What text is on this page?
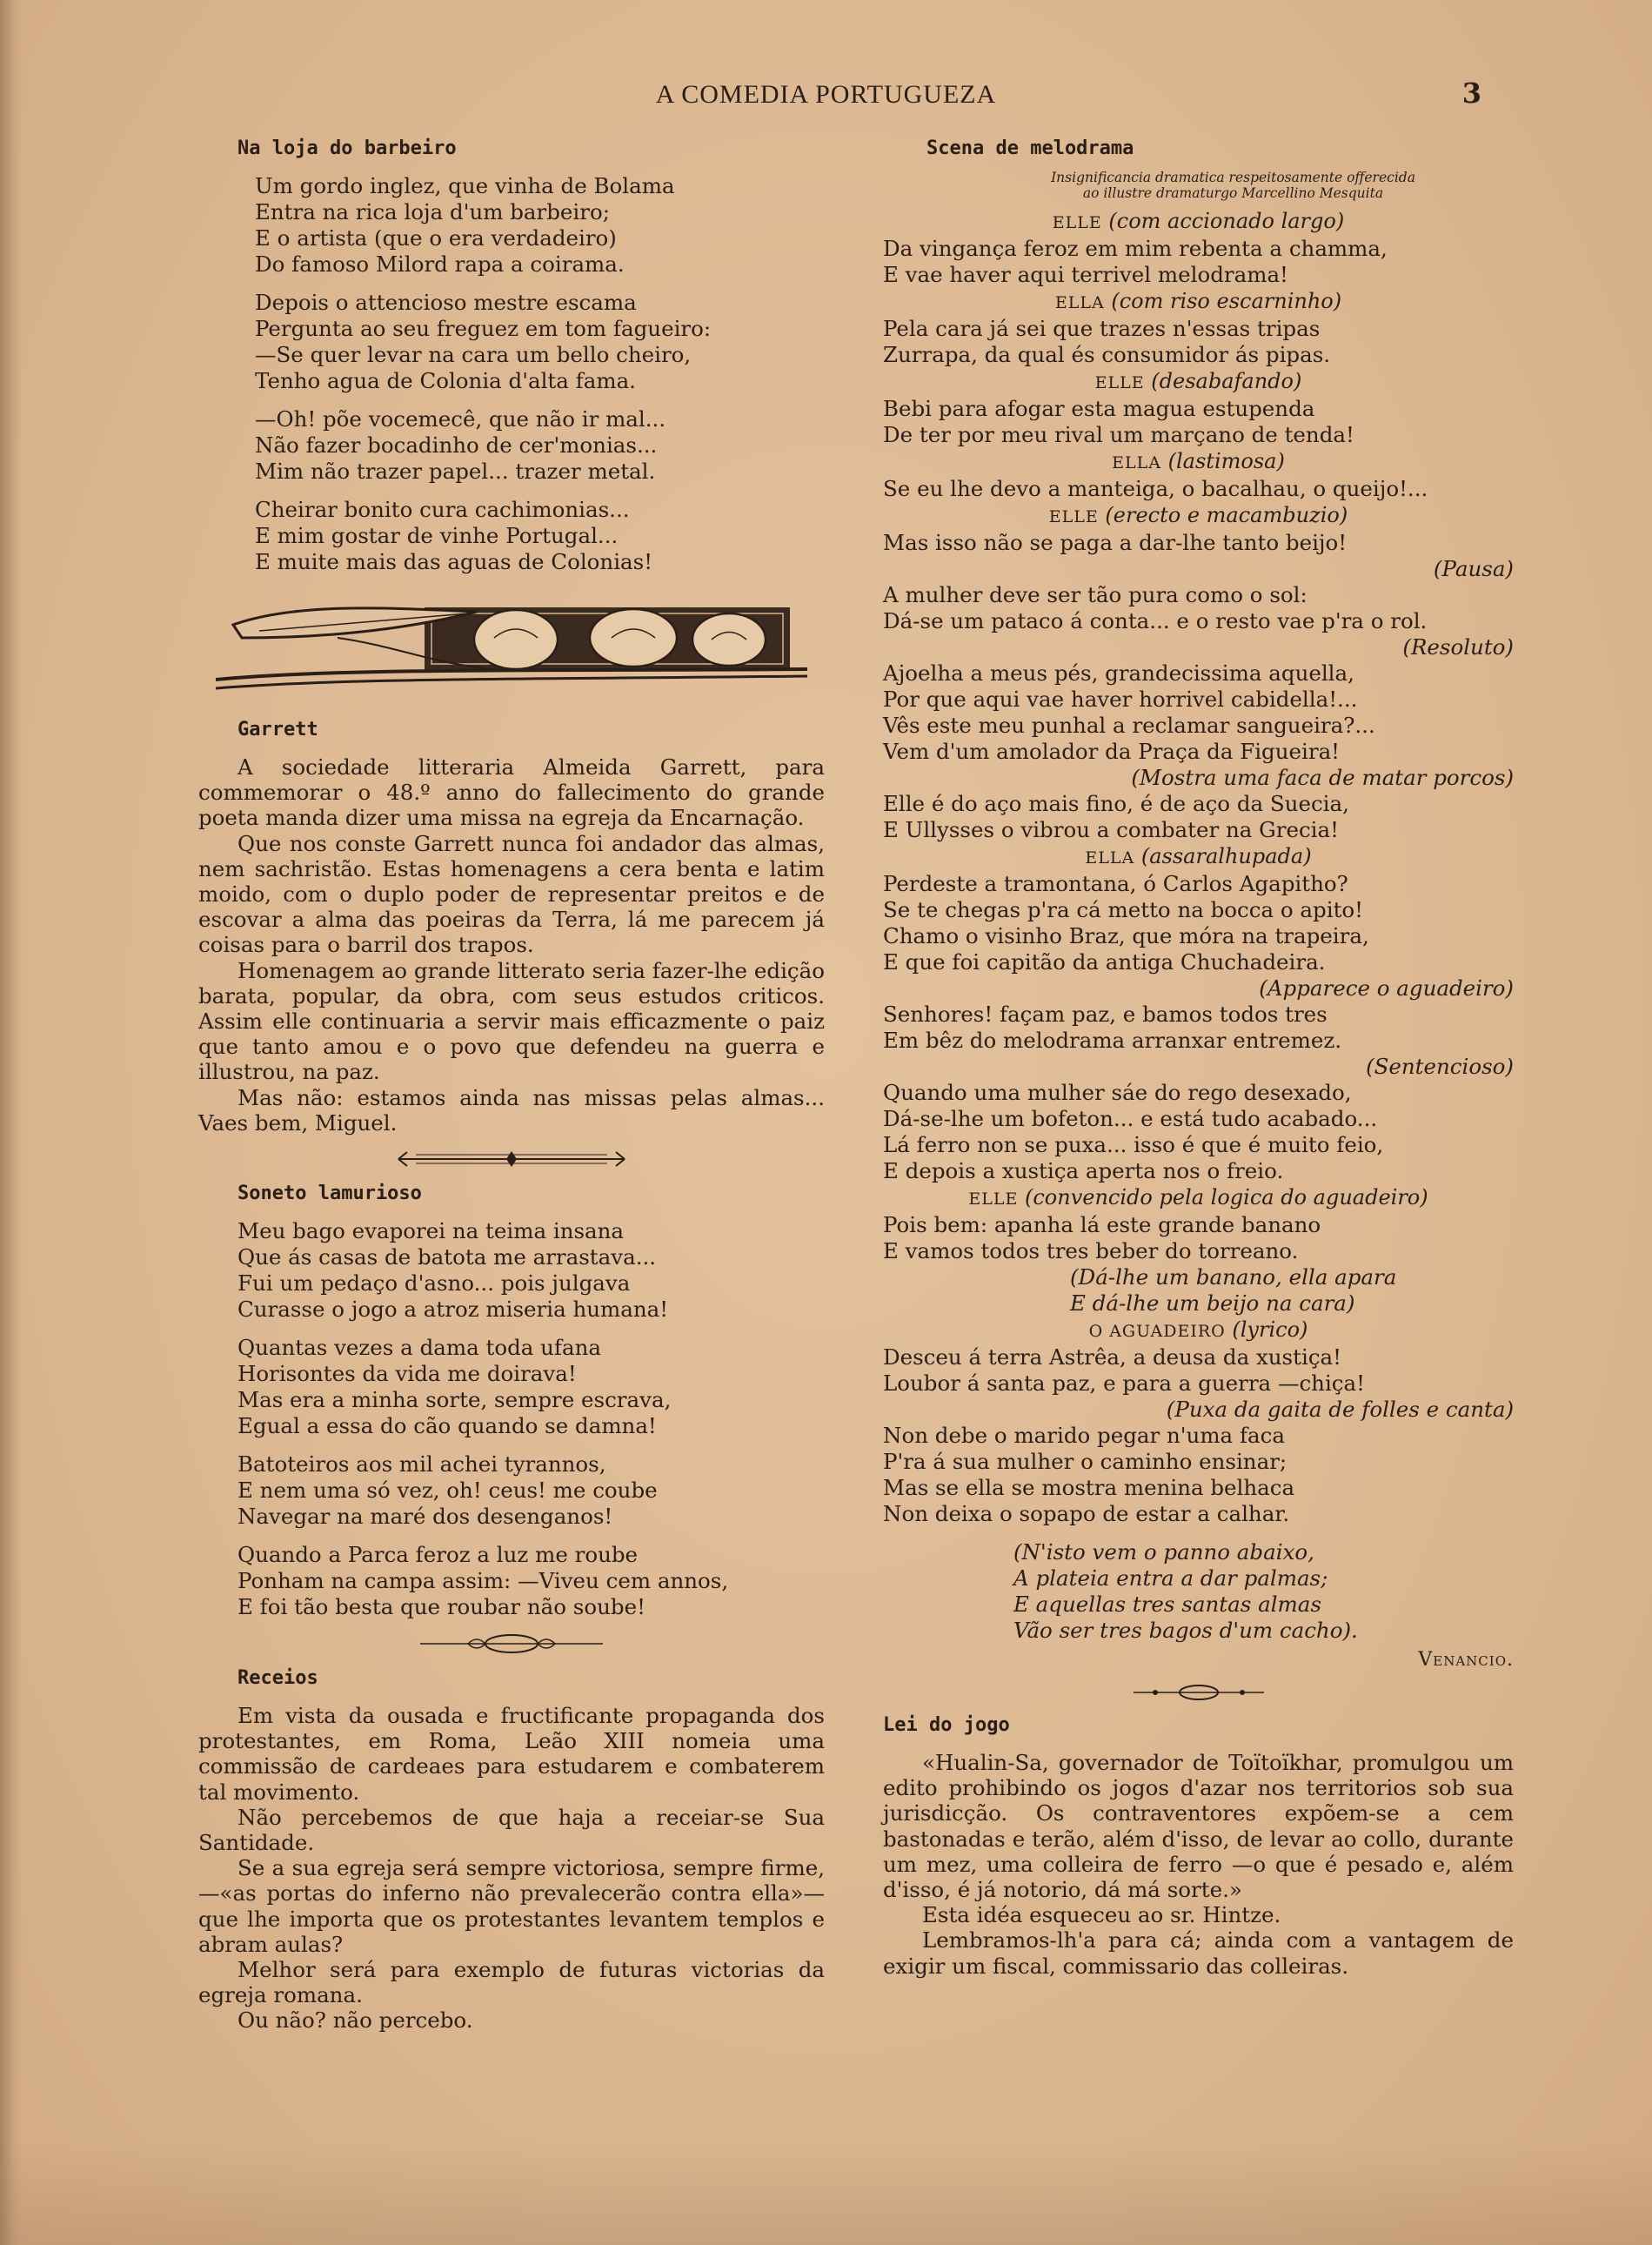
A COMEDIA PORTUGUEZA	3
Na loja do barbeiro
Um gordo inglez, que vinha de Bolama
Entra na rica loja d'um barbeiro;
E o artista (que o era verdadeiro)
Do famoso Milord rapa a coirama.
Depois o attencioso mestre escama
Pergunta ao seu freguez em tom fagueiro:
—Se quer levar na cara um bello cheiro,
Tenho agua de Colonia d'alta fama.
—Oh! põe vocemecê, que não ir mal...
Não fazer bocadinho de cer'monias...
Mim não trazer papel... trazer metal.
Cheirar bonito cura cachimonias...
E mim gostar de vinhe Portugal...
E muite mais das aguas de Colonias!
Garrett

A sociedade litteraria Almeida Garrett, para commemorar o 48.º anno do fallecimento do grande poeta manda dizer uma missa na egreja da Encarnação.

Que nos conste Garrett nunca foi andador das almas, nem sachristão. Estas homenagens a cera benta e latim moido, com o duplo poder de representar preitos e de escovar a alma das poeiras da Terra, lá me parecem já coisas para o barril dos trapos.

Homenagem ao grande litterato seria fazer-lhe edição barata, popular, da obra, com seus estudos criticos. Assim elle continuaria a servir mais efficazmente o paiz que tanto amou e o povo que defendeu na guerra e illustrou, na paz.

Mas não: estamos ainda nas missas pelas almas... Vaes bem, Miguel.

Soneto lamurioso
Meu bago evaporei na teima insana
Que ás casas de batota me arrastava...
Fui um pedaço d'asno... pois julgava
Curasse o jogo a atroz miseria humana!
Quantas vezes a dama toda ufana
Horisontes da vida me doirava!
Mas era a minha sorte, sempre escrava,
Egual a essa do cão quando se damna!
Batoteiros aos mil achei tyrannos,
E nem uma só vez, oh! ceus! me coube
Navegar na maré dos desenganos!
Quando a Parca feroz a luz me roube
Ponham na campa assim: —Viveu cem annos,
E foi tão besta que roubar não soube!
Receios

Em vista da ousada e fructificante propaganda dos protestantes, em Roma, Leão XIII nomeia uma commissão de cardeaes para estudarem e combaterem tal movimento.

Não percebemos de que haja a receiar-se Sua Santidade.

Se a sua egreja será sempre victoriosa, sempre firme, —«as portas do inferno não prevalecerão contra ella»—que lhe importa que os protestantes levantem templos e abram aulas?

Melhor será para exemplo de futuras victorias da egreja romana.

Ou não? não percebo.

Scena de melodrama
Insignificancia dramatica respeitosamente offerecida
ao illustre dramaturgo Marcellino Mesquita
ELLE (com accionado largo)
Da vingança feroz em mim rebenta a chamma,
E vae haver aqui terrivel melodrama!
ELLA (com riso escarninho)
Pela cara já sei que trazes n'essas tripas
Zurrapa, da qual és consumidor ás pipas.
ELLE (desabafando)
Bebi para afogar esta magua estupenda
De ter por meu rival um marçano de tenda!
ELLA (lastimosa)
Se eu lhe devo a manteiga, o bacalhau, o queijo!...
ELLE (erecto e macambuzio)
Mas isso não se paga a dar-lhe tanto beijo!
(Pausa)
A mulher deve ser tão pura como o sol:
Dá-se um pataco á conta... e o resto vae p'ra o rol.
(Resoluto)
Ajoelha a meus pés, grandecissima aquella,
Por que aqui vae haver horrivel cabidella!...
Vês este meu punhal a reclamar sangueira?...
Vem d'um amolador da Praça da Figueira!
(Mostra uma faca de matar porcos)
Elle é do aço mais fino, é de aço da Suecia,
E Ullysses o vibrou a combater na Grecia!
ELLA (assaralhupada)
Perdeste a tramontana, ó Carlos Agapitho?
Se te chegas p'ra cá metto na bocca o apito!
Chamo o visinho Braz, que móra na trapeira,
E que foi capitão da antiga Chuchadeira.
(Apparece o aguadeiro)
Senhores! façam paz, e bamos todos tres
Em bêz do melodrama arranxar entremez.
(Sentencioso)
Quando uma mulher sáe do rego desexado,
Dá-se-lhe um bofeton... e está tudo acabado...
Lá ferro non se puxa... isso é que é muito feio,
E depois a xustiça aperta nos o freio.
ELLE (convencido pela logica do aguadeiro)
Pois bem: apanha lá este grande banano
E vamos todos tres beber do torreano.
(Dá-lhe um banano, ella apara
E dá-lhe um beijo na cara)
O AGUADEIRO (lyrico)
Desceu á terra Astrêa, a deusa da xustiça!
Loubor á santa paz, e para a guerra —chiça!
(Puxa da gaita de folles e canta)
Non debe o marido pegar n'uma faca
P'ra á sua mulher o caminho ensinar;
Mas se ella se mostra menina belhaca
Non deixa o sopapo de estar a calhar.
(N'isto vem o panno abaixo,
A plateia entra a dar palmas;
E aquellas tres santas almas
Vão ser tres bagos d'um cacho).
Venancio.
Lei do jogo

«Hualin-Sa, governador de Toïtoïkhar, promulgou um edito prohibindo os jogos d'azar nos territorios sob sua jurisdicção. Os contraventores expõem-se a cem bastonadas e terão, além d'isso, de levar ao collo, durante um mez, uma colleira de ferro —o que é pesado e, além d'isso, é já notorio, dá má sorte.»

Esta idéa esqueceu ao sr. Hintze.

Lembramos-lh'a para cá; ainda com a vantagem de exigir um fiscal, commissario das colleiras.
